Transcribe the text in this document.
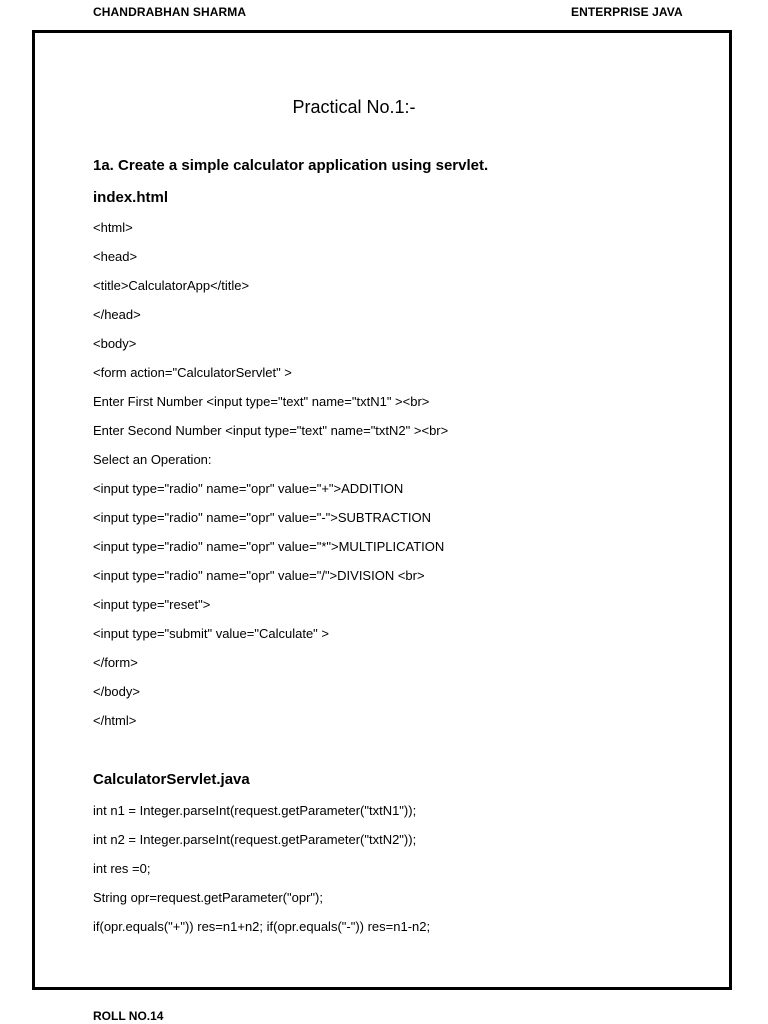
CHANDRABHAN SHARMA	ENTERPRISE JAVA
Practical No.1:-
1a. Create a simple calculator application using servlet.
index.html
<html>
<head>
<title>CalculatorApp</title>
</head>
<body>
<form action="CalculatorServlet" >
Enter First Number <input type="text" name="txtN1" ><br>
Enter Second Number <input type="text" name="txtN2" ><br>
Select an Operation:
<input type="radio" name="opr" value="+">ADDITION
<input type="radio" name="opr" value="-">SUBTRACTION
<input type="radio" name="opr" value="*">MULTIPLICATION
<input type="radio" name="opr" value="/">DIVISION <br>
<input type="reset">
<input type="submit" value="Calculate" >
</form>
</body>
</html>
CalculatorServlet.java
int n1 = Integer.parseInt(request.getParameter("txtN1"));
int n2 = Integer.parseInt(request.getParameter("txtN2"));
int res =0;
String opr=request.getParameter("opr");
if(opr.equals("+")) res=n1+n2; if(opr.equals("-")) res=n1-n2;
ROLL NO.14
